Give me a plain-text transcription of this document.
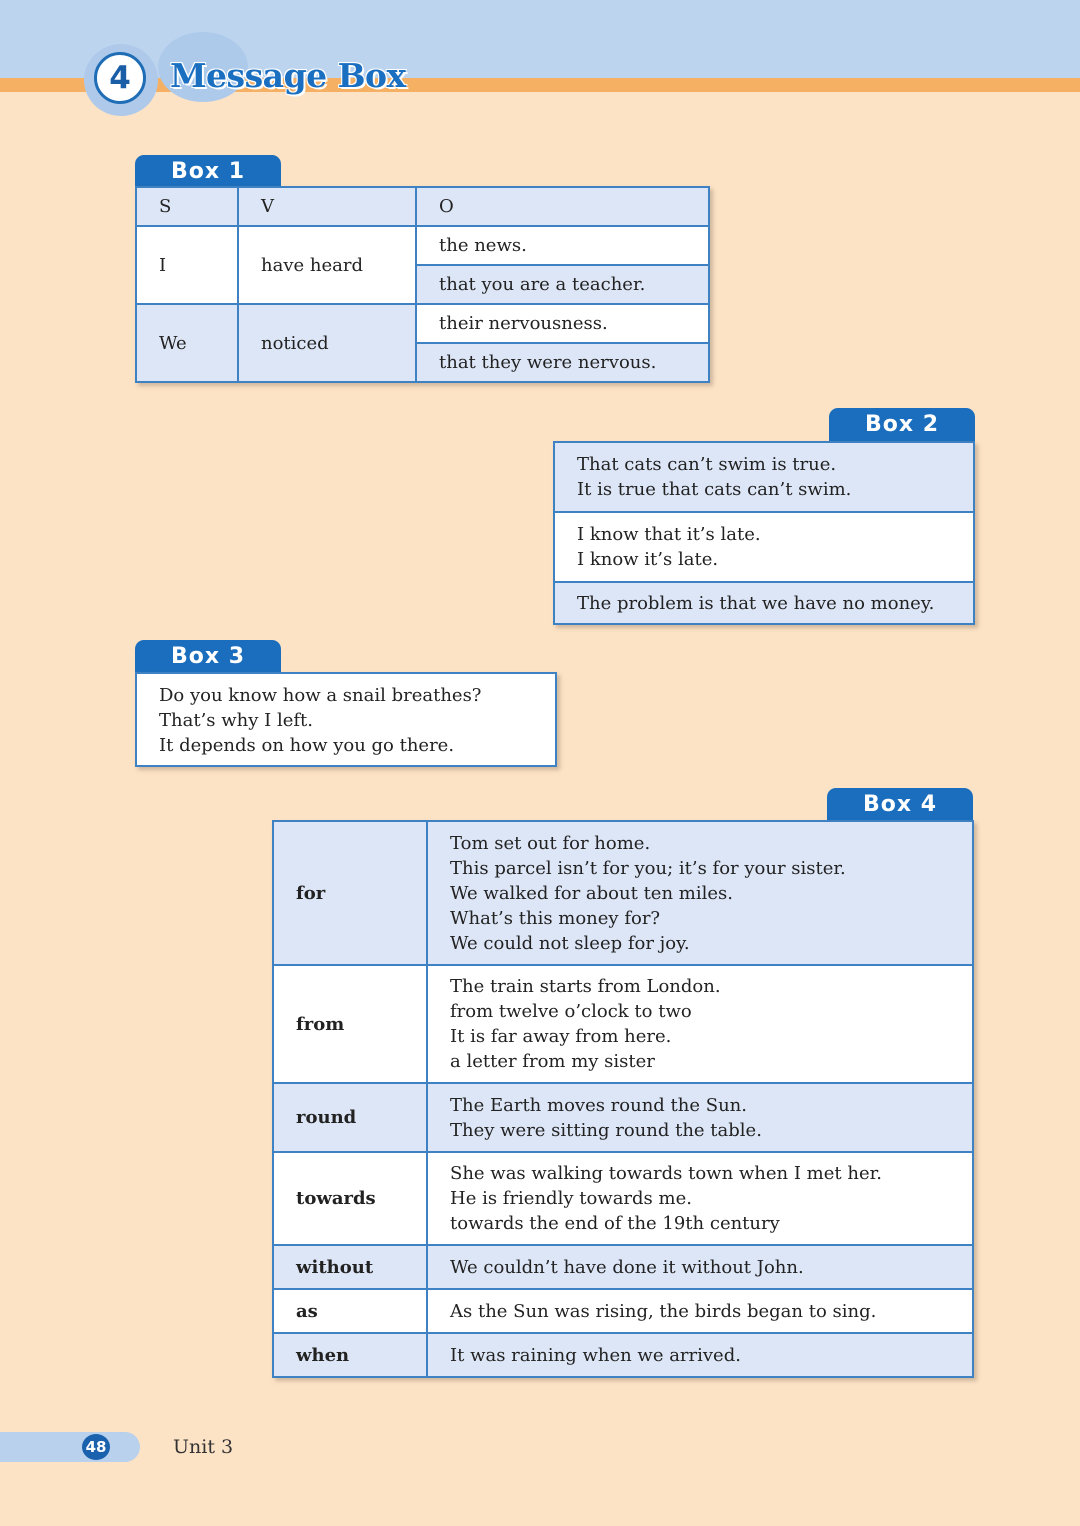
4	Message Box
Box 1
S	V	O
I	have heard	the news.
		that you are a teacher.
We	noticed	their nervousness.
		that they were nervous.
Box 2
That cats can’t swim is true.
It is true that cats can’t swim.
I know that it’s late.
I know it’s late.
The problem is that we have no money.
Box 3
Do you know how a snail breathes?
That’s why I left.
It depends on how you go there.
Box 4
for	Tom set out for home.
This parcel isn’t for you; it’s for your sister.
We walked for about ten miles.
What’s this money for?
We could not sleep for joy.

from	The train starts from London.
from twelve o’clock to two
It is far away from here.
a letter from my sister

round	The Earth moves round the Sun.
They were sitting round the table.

towards	She was walking towards town when I met her.
He is friendly towards me.
towards the end of the 19th century

without	We couldn’t have done it without John.

as	As the Sun was rising, the birds began to sing.

when	It was raining when we arrived.
48	Unit 3
